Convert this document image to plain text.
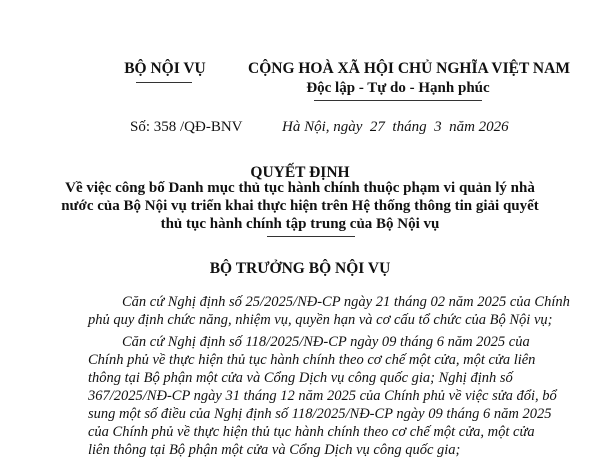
BỘ NỘI VỤ	CỘNG HOÀ XÃ HỘI CHỦ NGHĨA VIỆT NAM
Độc lập - Tự do - Hạnh phúc
Số: 358 /QĐ-BNV	Hà Nội, ngày  27  tháng  3  năm 2026
QUYẾT ĐỊNH
Về việc công bố Danh mục thủ tục hành chính thuộc phạm vi quản lý nhà
nước của Bộ Nội vụ triển khai thực hiện trên Hệ thống thông tin giải quyết
thủ tục hành chính tập trung của Bộ Nội vụ
BỘ TRƯỞNG BỘ NỘI VỤ
Căn cứ Nghị định số 25/2025/NĐ-CP ngày 21 tháng 02 năm 2025 của Chính
phủ quy định chức năng, nhiệm vụ, quyền hạn và cơ cấu tổ chức của Bộ Nội vụ;
Căn cứ Nghị định số 118/2025/NĐ-CP ngày 09 tháng 6 năm 2025 của
Chính phủ về thực hiện thủ tục hành chính theo cơ chế một cửa, một cửa liên
thông tại Bộ phận một cửa và Cổng Dịch vụ công quốc gia; Nghị định số
367/2025/NĐ-CP ngày 31 tháng 12 năm 2025 của Chính phủ về việc sửa đổi, bổ
sung một số điều của Nghị định số 118/2025/NĐ-CP ngày 09 tháng 6 năm 2025
của Chính phủ về thực hiện thủ tục hành chính theo cơ chế một cửa, một cửa
liên thông tại Bộ phận một cửa và Cổng Dịch vụ công quốc gia;
